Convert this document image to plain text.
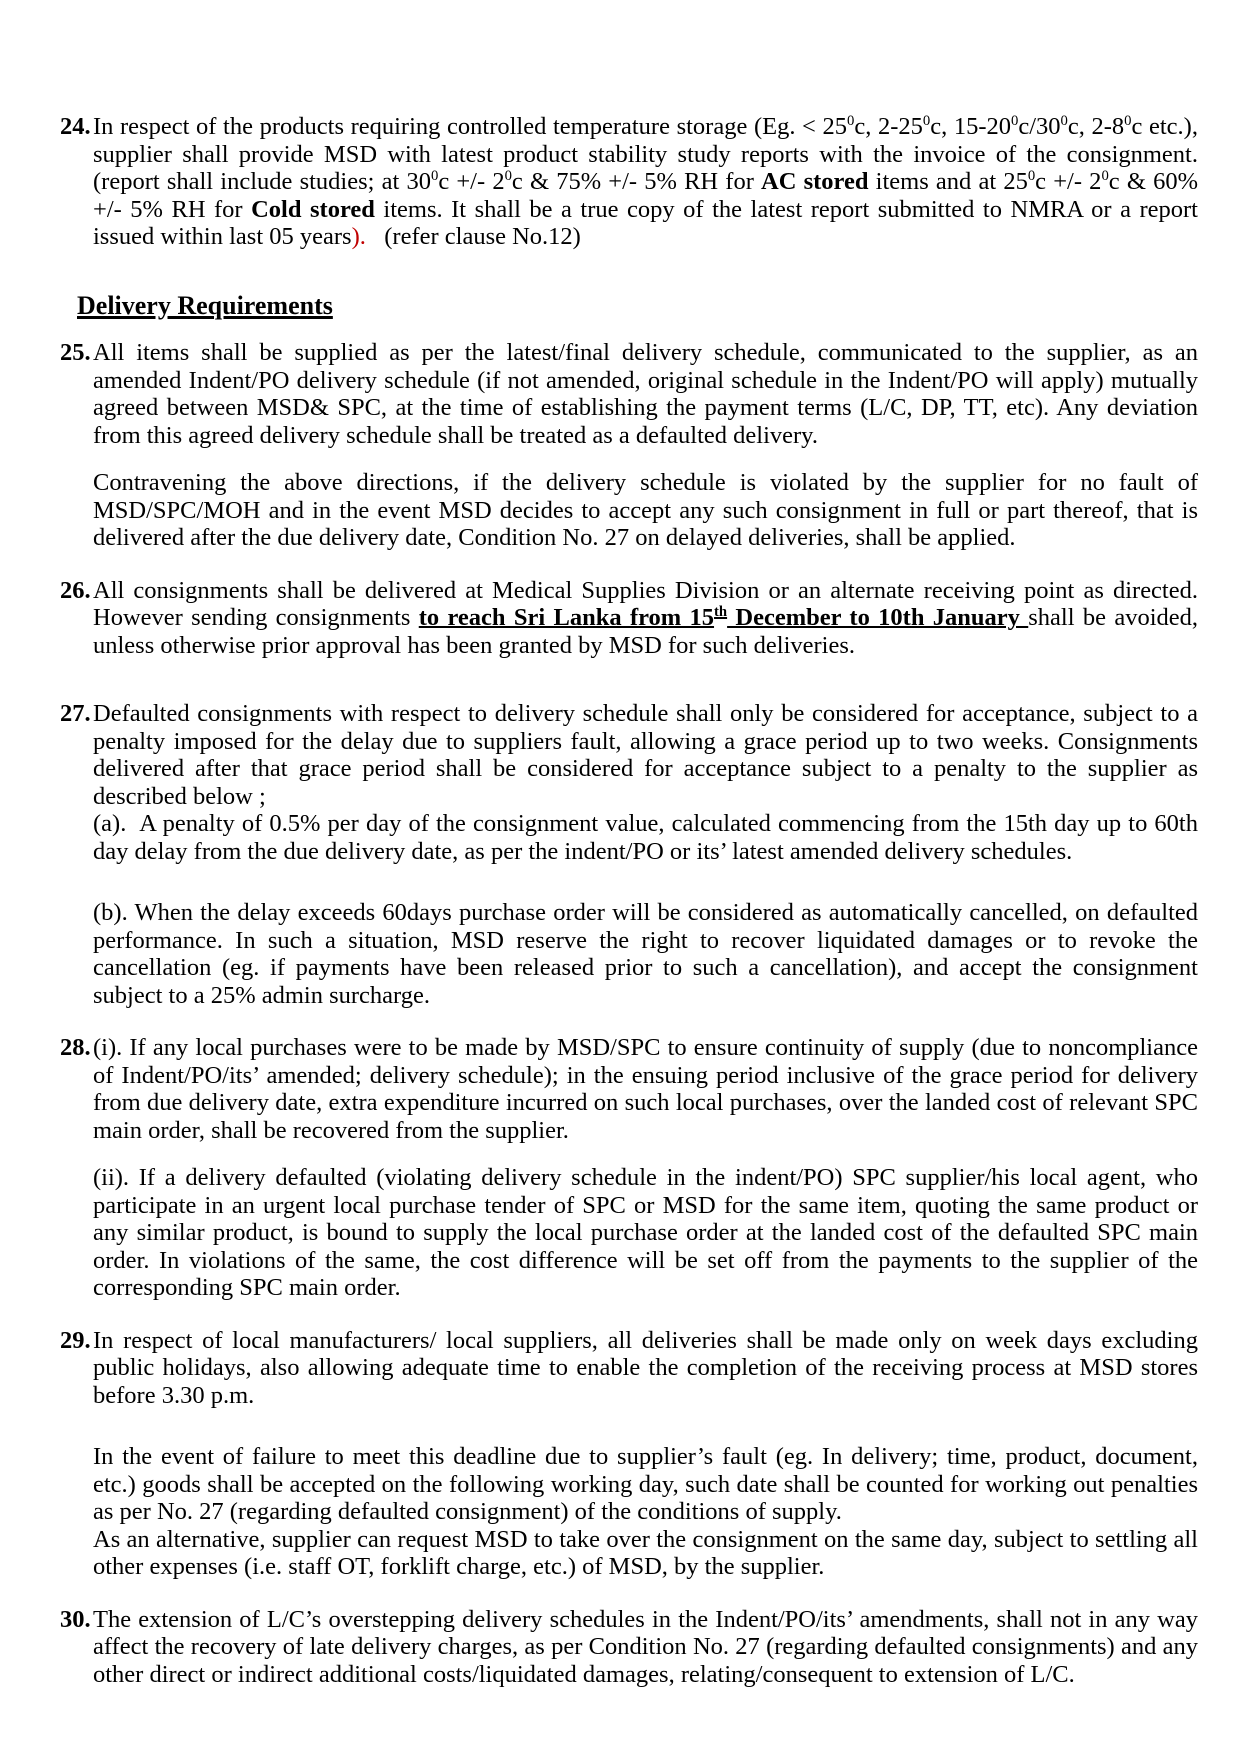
24. In respect of the products requiring controlled temperature storage (Eg. < $25^0c$, $2-25^0c$, $15-20^0c/30^0c$, $2-8^0c$ etc.), supplier shall provide MSD with latest product stability study reports with the invoice of the consignment.(report shall include studies; at $30^0c$ +/- $2^0c$ & 75% +/- 5% RH for AC stored items and at $25^0c$ +/- $2^0c$ & 60% +/- 5% RH for Cold stored items. It shall be a true copy of the latest report submitted to NMRA or a report issued within last 05 years).   (refer clause No.12)

Delivery Requirements
25. All items shall be supplied as per the latest/final delivery schedule, communicated to the supplier, as an amended Indent/PO delivery schedule (if not amended, original schedule in the Indent/PO will apply) mutually agreed between MSD& SPC, at the time of establishing the payment terms (L/C, DP, TT, etc). Any deviation from this agreed delivery schedule shall be treated as a defaulted delivery.

Contravening the above directions, if the delivery schedule is violated by the supplier for no fault of MSD/SPC/MOH and in the event MSD decides to accept any such consignment in full or part thereof, that is delivered after the due delivery date, Condition No. 27 on delayed deliveries, shall be applied.

26. All consignments shall be delivered at Medical Supplies Division or an alternate receiving point as directed. However sending consignments to reach Sri Lanka from 15th December to 10th January shall be avoided, unless otherwise prior approval has been granted by MSD for such deliveries.

27. Defaulted consignments with respect to delivery schedule shall only be considered for acceptance, subject to a penalty imposed for the delay due to suppliers fault, allowing a grace period up to two weeks. Consignments delivered after that grace period shall be considered for acceptance subject to a penalty to the supplier as described below ;

(a).  A penalty of 0.5% per day of the consignment value, calculated commencing from the 15th day up to 60th day delay from the due delivery date, as per the indent/PO or its’ latest amended delivery schedules.

(b). When the delay exceeds 60days purchase order will be considered as automatically cancelled, on defaulted performance. In such a situation, MSD reserve the right to recover liquidated damages or to revoke the cancellation (eg. if payments have been released prior to such a cancellation), and accept the consignment subject to a 25% admin surcharge.

28. (i). If any local purchases were to be made by MSD/SPC to ensure continuity of supply (due to noncompliance of Indent/PO/its’ amended; delivery schedule); in the ensuing period inclusive of the grace period for delivery from due delivery date, extra expenditure incurred on such local purchases, over the landed cost of relevant SPC main order, shall be recovered from the supplier.

(ii). If a delivery defaulted (violating delivery schedule in the indent/PO) SPC supplier/his local agent, who participate in an urgent local purchase tender of SPC or MSD for the same item, quoting the same product or any similar product, is bound to supply the local purchase order at the landed cost of the defaulted SPC main order. In violations of the same, the cost difference will be set off from the payments to the supplier of the corresponding SPC main order.

29. In respect of local manufacturers/ local suppliers, all deliveries shall be made only on week days excluding public holidays, also allowing adequate time to enable the completion of the receiving process at MSD stores before 3.30 p.m.

In the event of failure to meet this deadline due to supplier’s fault (eg. In delivery; time, product, document, etc.) goods shall be accepted on the following working day, such date shall be counted for working out penalties as per No. 27 (regarding defaulted consignment) of the conditions of supply.

As an alternative, supplier can request MSD to take over the consignment on the same day, subject to settling all other expenses (i.e. staff OT, forklift charge, etc.) of MSD, by the supplier.

30. The extension of L/C’s overstepping delivery schedules in the Indent/PO/its’ amendments, shall not in any way affect the recovery of late delivery charges, as per Condition No. 27 (regarding defaulted consignments) and any other direct or indirect additional costs/liquidated damages, relating/consequent to extension of L/C.
